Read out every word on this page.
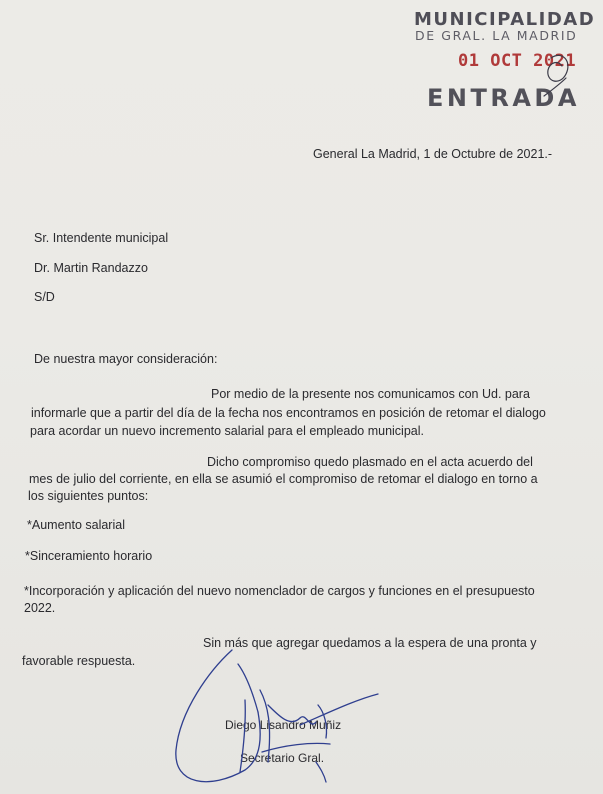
MUNICIPALIDAD
DE GRAL. LA MADRID
01 OCT 2021
ENTRADA
General La Madrid, 1 de Octubre de 2021.-
Sr. Intendente municipal
Dr. Martin Randazzo
S/D
De nuestra mayor consideración:
Por medio de la presente nos comunicamos con Ud. para
informarle que a partir del día de la fecha nos encontramos en posición de retomar el dialogo
para acordar un nuevo incremento salarial para el empleado municipal.
Dicho compromiso quedo plasmado en el acta acuerdo del
mes de julio del corriente, en ella se asumió el compromiso de retomar el dialogo en torno a
los siguientes puntos:
*Aumento salarial
*Sinceramiento horario
*Incorporación y aplicación del nuevo nomenclador de cargos y funciones en el presupuesto
2022.
Sin más que agregar quedamos a la espera de una pronta y
favorable respuesta.
Diego Lisandro Muñiz
Secretario Gral.
